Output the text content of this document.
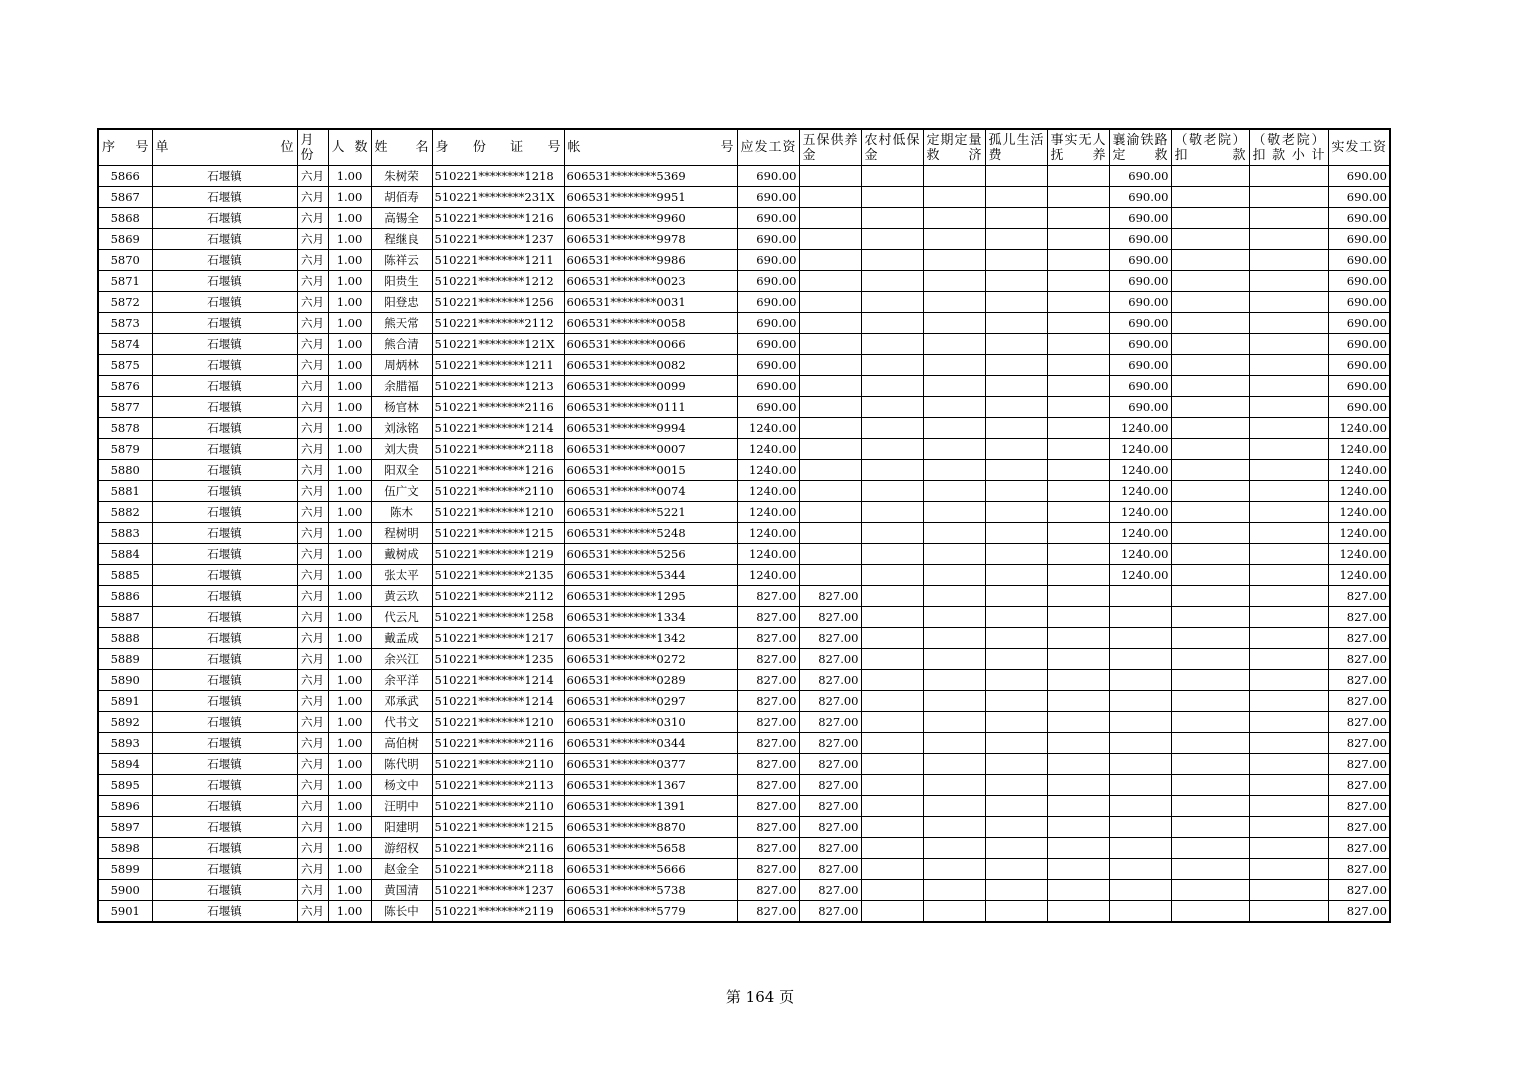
序号	单位	月份	人数	姓名	身份证号	帐号	应发工资	五保供养金	农村低保金	定期定量救济	孤儿生活费	事实无人抚养	襄渝铁路定救	（敬老院）扣款	（敬老院）扣款小计	实发工资
5866	石堰镇	六月	1.00	朱树荣	510221********1218	606531********5369	690.00						690.00			690.00
5867	石堰镇	六月	1.00	胡佰寿	510221********231X	606531********9951	690.00						690.00			690.00
5868	石堰镇	六月	1.00	高锡全	510221********1216	606531********9960	690.00						690.00			690.00
5869	石堰镇	六月	1.00	程继良	510221********1237	606531********9978	690.00						690.00			690.00
5870	石堰镇	六月	1.00	陈祥云	510221********1211	606531********9986	690.00						690.00			690.00
5871	石堰镇	六月	1.00	阳贵生	510221********1212	606531********0023	690.00						690.00			690.00
5872	石堰镇	六月	1.00	阳登忠	510221********1256	606531********0031	690.00						690.00			690.00
5873	石堰镇	六月	1.00	熊天常	510221********2112	606531********0058	690.00						690.00			690.00
5874	石堰镇	六月	1.00	熊合清	510221********121X	606531********0066	690.00						690.00			690.00
5875	石堰镇	六月	1.00	周炳林	510221********1211	606531********0082	690.00						690.00			690.00
5876	石堰镇	六月	1.00	余腊福	510221********1213	606531********0099	690.00						690.00			690.00
5877	石堰镇	六月	1.00	杨官林	510221********2116	606531********0111	690.00						690.00			690.00
5878	石堰镇	六月	1.00	刘泳铭	510221********1214	606531********9994	1240.00						1240.00			1240.00
5879	石堰镇	六月	1.00	刘大贵	510221********2118	606531********0007	1240.00						1240.00			1240.00
5880	石堰镇	六月	1.00	阳双全	510221********1216	606531********0015	1240.00						1240.00			1240.00
5881	石堰镇	六月	1.00	伍广文	510221********2110	606531********0074	1240.00						1240.00			1240.00
5882	石堰镇	六月	1.00	陈木	510221********1210	606531********5221	1240.00						1240.00			1240.00
5883	石堰镇	六月	1.00	程树明	510221********1215	606531********5248	1240.00						1240.00			1240.00
5884	石堰镇	六月	1.00	戴树成	510221********1219	606531********5256	1240.00						1240.00			1240.00
5885	石堰镇	六月	1.00	张太平	510221********2135	606531********5344	1240.00						1240.00			1240.00
5886	石堰镇	六月	1.00	黄云玖	510221********2112	606531********1295	827.00	827.00								827.00
5887	石堰镇	六月	1.00	代云凡	510221********1258	606531********1334	827.00	827.00								827.00
5888	石堰镇	六月	1.00	戴孟成	510221********1217	606531********1342	827.00	827.00								827.00
5889	石堰镇	六月	1.00	余兴江	510221********1235	606531********0272	827.00	827.00								827.00
5890	石堰镇	六月	1.00	余平洋	510221********1214	606531********0289	827.00	827.00								827.00
5891	石堰镇	六月	1.00	邓承武	510221********1214	606531********0297	827.00	827.00								827.00
5892	石堰镇	六月	1.00	代书文	510221********1210	606531********0310	827.00	827.00								827.00
5893	石堰镇	六月	1.00	高伯树	510221********2116	606531********0344	827.00	827.00								827.00
5894	石堰镇	六月	1.00	陈代明	510221********2110	606531********0377	827.00	827.00								827.00
5895	石堰镇	六月	1.00	杨文中	510221********2113	606531********1367	827.00	827.00								827.00
5896	石堰镇	六月	1.00	汪明中	510221********2110	606531********1391	827.00	827.00								827.00
5897	石堰镇	六月	1.00	阳建明	510221********1215	606531********8870	827.00	827.00								827.00
5898	石堰镇	六月	1.00	游绍权	510221********2116	606531********5658	827.00	827.00								827.00
5899	石堰镇	六月	1.00	赵金全	510221********2118	606531********5666	827.00	827.00								827.00
5900	石堰镇	六月	1.00	黄国清	510221********1237	606531********5738	827.00	827.00								827.00
5901	石堰镇	六月	1.00	陈长中	510221********2119	606531********5779	827.00	827.00								827.00
第 164 页
